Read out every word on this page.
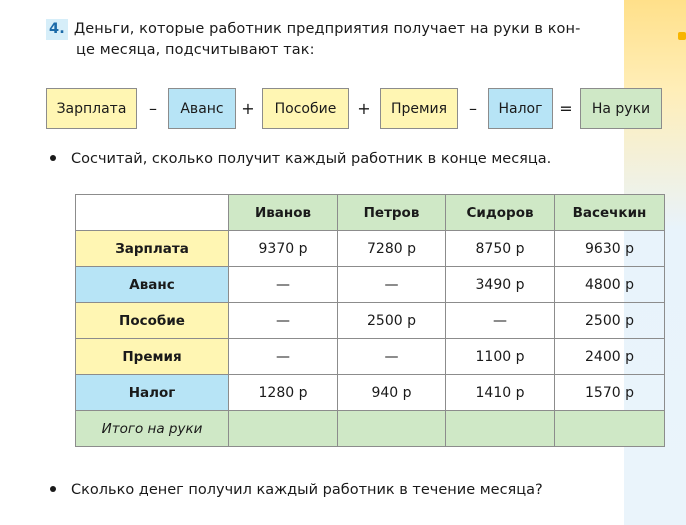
4. Деньги, которые работник предприятия получает на руки в кон-
це месяца, подсчитывают так:
Зарплата	–	Аванс	+	Пособие	+	Премия	–	Налог	=	На руки
Сосчитай, сколько получит каждый работник в конце месяца.
	Иванов	Петров	Сидоров	Васечкин
Зарплата	9370 р	7280 р	8750 р	9630 р
Аванс	—	—	3490 р	4800 р
Пособие	—	2500 р	—	2500 р
Премия	—	—	1100 р	2400 р
Налог	1280 р	940 р	1410 р	1570 р
Итого на руки				
Сколько денег получил каждый работник в течение месяца?
